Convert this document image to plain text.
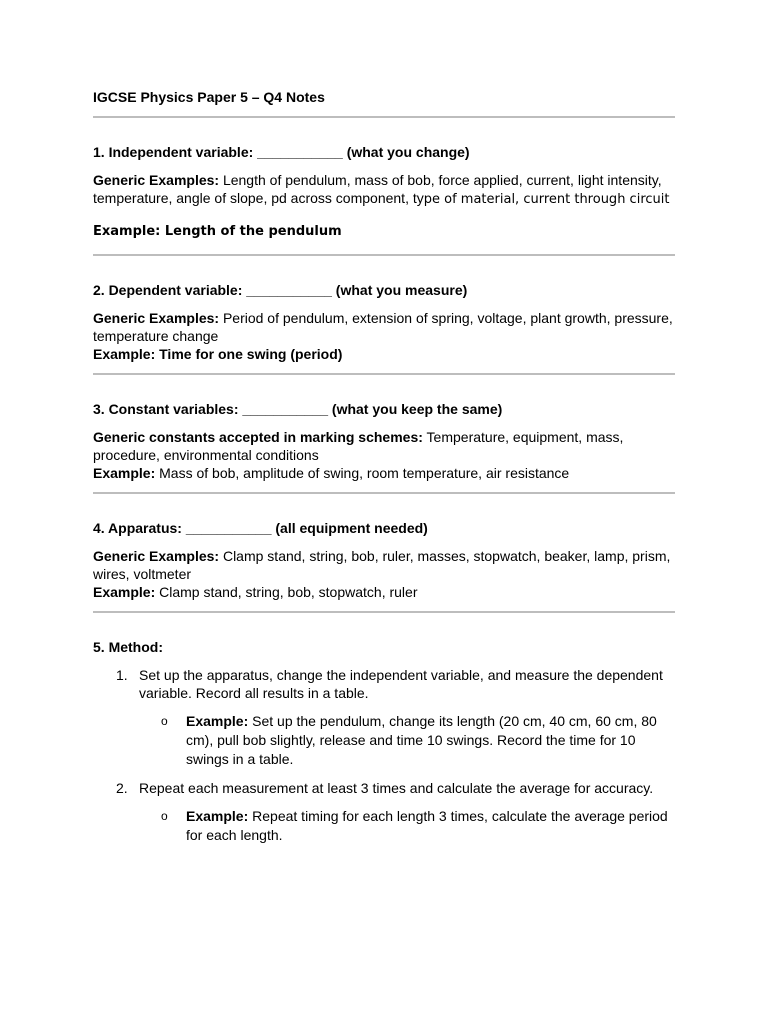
IGCSE Physics Paper 5 – Q4 Notes

1. Independent variable: ___________ (what you change)

Generic Examples: Length of pendulum, mass of bob, force applied, current, light intensity, temperature, angle of slope, pd across component, type of material, current through circuit

Example: Length of the pendulum

2. Dependent variable: ___________ (what you measure)

Generic Examples: Period of pendulum, extension of spring, voltage, plant growth, pressure, temperature change

Example: Time for one swing (period)

3. Constant variables: ___________ (what you keep the same)

Generic constants accepted in marking schemes: Temperature, equipment, mass, procedure, environmental conditions

Example: Mass of bob, amplitude of swing, room temperature, air resistance

4. Apparatus: ___________ (all equipment needed)

Generic Examples: Clamp stand, string, bob, ruler, masses, stopwatch, beaker, lamp, prism, wires, voltmeter

Example: Clamp stand, string, bob, stopwatch, ruler

5. Method:

1. Set up the apparatus, change the independent variable, and measure the dependent variable. Record all results in a table.
o Example: Set up the pendulum, change its length (20 cm, 40 cm, 60 cm, 80 cm), pull bob slightly, release and time 10 swings. Record the time for 10 swings in a table.
2. Repeat each measurement at least 3 times and calculate the average for accuracy.
o Example: Repeat timing for each length 3 times, calculate the average period for each length.
